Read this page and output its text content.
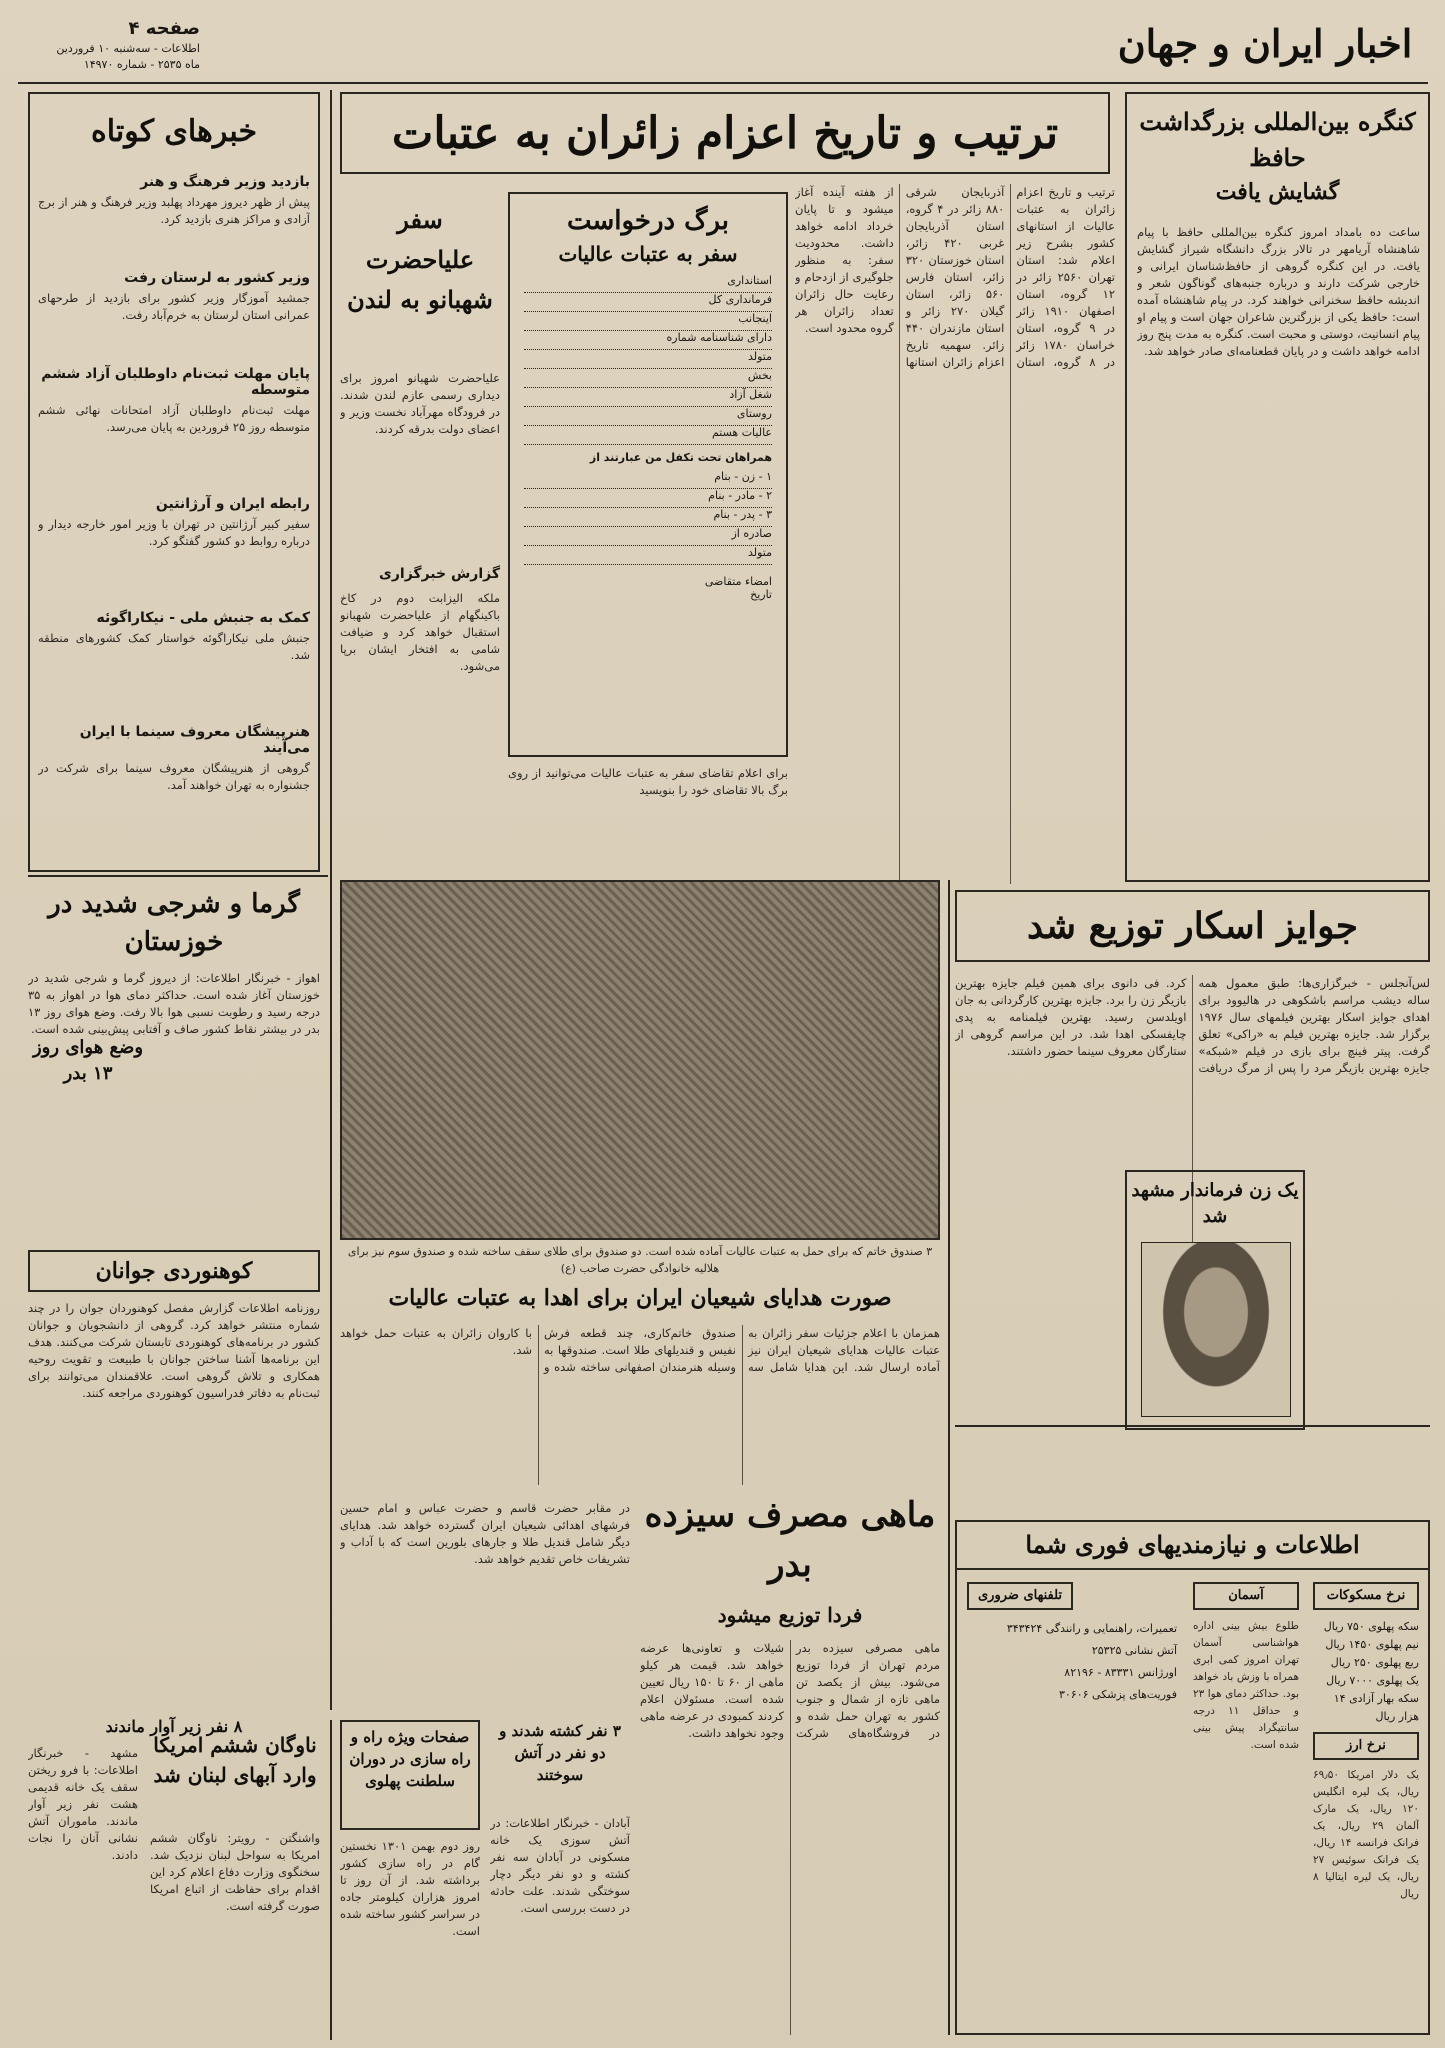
اخبار ایران و جهان
صفحه ۴
اطلاعات - سه‌شنبه ۱۰ فروردین
ماه ۲۵۳۵ - شماره ۱۴۹۷۰
ترتیب و تاریخ اعزام زائران به عتبات
خبرهای کوتاه
بازدید وزیر فرهنگ و هنر
پیش از ظهر دیروز مهرداد پهلبد وزیر فرهنگ و هنر از برج آزادی و مراکز هنری بازدید کرد.
وزیر کشور به لرستان رفت
جمشید آموزگار وزیر کشور برای بازدید از طرحهای عمرانی استان لرستان به خرم‌آباد رفت.
پایان مهلت ثبت‌نام داوطلبان آزاد ششم متوسطه
مهلت ثبت‌نام داوطلبان آزاد امتحانات نهائی ششم متوسطه روز ۲۵ فروردین به پایان می‌رسد.
رابطه ایران و آرژانتین
سفیر کبیر آرژانتین در تهران با وزیر امور خارجه دیدار و درباره روابط دو کشور گفتگو کرد.
کمک به جنبش ملی - نیکاراگوئه
جنبش ملی نیکاراگوئه خواستار کمک کشورهای منطقه شد.
هنرپیشگان معروف سینما با ایران می‌آیند
گروهی از هنرپیشگان معروف سینما برای شرکت در جشنواره به تهران خواهند آمد.
کنگره بین‌المللی بزرگداشت حافظ
گشایش یافت
ساعت ده بامداد امروز کنگره بین‌المللی حافظ با پیام شاهنشاه آریامهر در تالار بزرگ دانشگاه شیراز گشایش یافت. در این کنگره گروهی از حافظ‌شناسان ایرانی و خارجی شرکت دارند و درباره جنبه‌های گوناگون شعر و اندیشه حافظ سخنرانی خواهند کرد. در پیام شاهنشاه آمده است: حافظ یکی از بزرگترین شاعران جهان است و پیام او پیام انسانیت، دوستی و محبت است. کنگره به مدت پنج روز ادامه خواهد داشت و در پایان قطعنامه‌ای صادر خواهد شد.
ترتیب و تاریخ اعزام زائران به عتبات عالیات از استانهای کشور بشرح زیر اعلام شد: استان تهران ۲۵۶۰ زائر در ۱۲ گروه، استان اصفهان ۱۹۱۰ زائر در ۹ گروه، استان خراسان ۱۷۸۰ زائر در ۸ گروه، استان آذربایجان شرقی ۸۸۰ زائر در ۴ گروه، استان آذربایجان غربی ۴۲۰ زائر، استان خوزستان ۳۲۰ زائر، استان فارس ۵۶۰ زائر، استان گیلان ۲۷۰ زائر و استان مازندران ۴۴۰ زائر. سهمیه تاریخ اعزام زائران استانها از هفته آینده آغاز میشود و تا پایان خرداد ادامه خواهد داشت. محدودیت سفر: به منظور جلوگیری از ازدحام و رعایت حال زائران تعداد زائران هر گروه محدود است.
برگ درخواست
سفر به عتبات عالیات
استانداری
فرمانداری کل
اینجانب
دارای شناسنامه شماره
متولد
بخش
شغل آزاد
روستای
عالیات هستم
همراهان تحت تکفل من عبارتند از
۱ - زن - بنام
۲ - مادر - بنام
۳ - پدر - بنام
صادره از
متولد
امضاء متقاضی
تاریخ
سفر علیاحضرت شهبانو به لندن
علیاحضرت شهبانو امروز برای دیداری رسمی عازم لندن شدند. در فرودگاه مهرآباد نخست وزیر و اعضای دولت بدرقه کردند.
گزارش خبرگزاری
ملکه الیزابت دوم در کاخ باکینگهام از علیاحضرت شهبانو استقبال خواهد کرد و ضیافت شامی به افتخار ایشان برپا می‌شود.
برای اعلام تقاضای سفر به عتبات عالیات می‌توانید از روی برگ بالا تقاضای خود را بنویسید
۳ صندوق خاتم که برای حمل به عتبات عالیات آماده شده است. دو صندوق برای طلای سقف ساخته شده و صندوق سوم نیز برای هلالیه خانوادگی حضرت صاحب (ع)
جوایز اسکار توزیع شد
لس‌آنجلس - خبرگزاری‌ها: طبق معمول همه ساله دیشب مراسم باشکوهی در هالیوود برای اهدای جوایز اسکار بهترین فیلمهای سال ۱۹۷۶ برگزار شد. جایزه بهترین فیلم به «راکی» تعلق گرفت. پیتر فینچ برای بازی در فیلم «شبکه» جایزه بهترین بازیگر مرد را پس از مرگ دریافت کرد. فی دانوی برای همین فیلم جایزه بهترین بازیگر زن را برد. جایزه بهترین کارگردانی به جان اویلدسن رسید. بهترین فیلمنامه به پدی چایفسکی اهدا شد. در این مراسم گروهی از ستارگان معروف سینما حضور داشتند.
یک زن فرماندار مشهد شد
گرما و شرجی شدید در خوزستان
اهواز - خبرنگار اطلاعات: از دیروز گرما و شرجی شدید در خوزستان آغاز شده است. حداکثر دمای هوا در اهواز به ۳۵ درجه رسید و رطوبت نسبی هوا بالا رفت. وضع هوای روز ۱۳ بدر در بیشتر نقاط کشور صاف و آفتابی پیش‌بینی شده است.
وضع هوای روز ۱۳ بدر
کوهنوردی جوانان
روزنامه اطلاعات گزارش مفصل کوهنوردان جوان را در چند شماره منتشر خواهد کرد. گروهی از دانشجویان و جوانان کشور در برنامه‌های کوهنوردی تابستان شرکت می‌کنند. هدف این برنامه‌ها آشنا ساختن جوانان با طبیعت و تقویت روحیه همکاری و تلاش گروهی است. علاقمندان می‌توانند برای ثبت‌نام به دفاتر فدراسیون کوهنوردی مراجعه کنند.
صورت هدایای شیعیان ایران برای اهدا به عتبات عالیات
همزمان با اعلام جزئیات سفر زائران به عتبات عالیات هدایای شیعیان ایران نیز آماده ارسال شد. این هدایا شامل سه صندوق خاتم‌کاری، چند قطعه فرش نفیس و قندیلهای طلا است. صندوقها به وسیله هنرمندان اصفهانی ساخته شده و با کاروان زائران به عتبات حمل خواهد شد.
ماهی مصرف سیزده بدر
فردا توزیع میشود
در مقابر حضرت قاسم و حضرت عباس و امام حسین فرشهای اهدائی شیعیان ایران گسترده خواهد شد. هدایای دیگر شامل قندیل طلا و جارهای بلورین است که با آداب و تشریفات خاص تقدیم خواهد شد.
صفحات ویژه راه و راه سازی در دوران سلطنت پهلوی
روز دوم بهمن ۱۳۰۱ نخستین گام در راه سازی کشور برداشته شد. از آن روز تا امروز هزاران کیلومتر جاده در سراسر کشور ساخته شده است.
۳ نفر کشته شدند و دو نفر در آتش سوختند
آبادان - خبرنگار اطلاعات: در آتش سوزی یک خانه مسکونی در آبادان سه نفر کشته و دو نفر دیگر دچار سوختگی شدند. علت حادثه در دست بررسی است.
ماهی مصرفی سیزده بدر مردم تهران از فردا توزیع می‌شود. بیش از یکصد تن ماهی تازه از شمال و جنوب کشور به تهران حمل شده و در فروشگاه‌های شرکت شیلات و تعاونی‌ها عرضه خواهد شد. قیمت هر کیلو ماهی از ۶۰ تا ۱۵۰ ریال تعیین شده است. مسئولان اعلام کردند کمبودی در عرضه ماهی وجود نخواهد داشت.
۸ نفر زیر آوار ماندند
مشهد - خبرنگار اطلاعات: با فرو ریختن سقف یک خانه قدیمی هشت نفر زیر آوار ماندند. ماموران آتش نشانی آنان را نجات دادند.
ناوگان ششم امریکا وارد آبهای لبنان شد
واشنگتن - رویتر: ناوگان ششم امریکا به سواحل لبنان نزدیک شد. سخنگوی وزارت دفاع اعلام کرد این اقدام برای حفاظت از اتباع امریکا صورت گرفته است.
اطلاعات و نیازمندیهای فوری شما
نرخ مسکوکات
آسمان
تلفنهای ضروری
سکه پهلوی ۷۵۰ ریال
نیم پهلوی ۱۴۵۰ ریال
ربع پهلوی ۲۵۰ ریال
یک پهلوی ۷۰۰۰ ریال
سکه بهار آزادی ۱۴ هزار ریال
نرخ ارز
یک دلار امریکا ۶۹٫۵۰ ریال، یک لیره انگلیس ۱۲۰ ریال، یک مارک آلمان ۲۹ ریال، یک فرانک فرانسه ۱۴ ریال، یک فرانک سوئیس ۲۷ ریال، یک لیره ایتالیا ۸ ریال
طلوع بیش بینی اداره هواشناسی آسمان تهران امروز کمی ابری همراه با وزش باد خواهد بود. حداکثر دمای هوا ۲۳ و حداقل ۱۱ درجه سانتیگراد پیش بینی شده است.
تعمیرات، راهنمایی و رانندگی ۳۴۳۴۲۴
آتش نشانی ۲۵۳۲۵
اورژانس ۸۳۳۳۱ - ۸۲۱۹۶
فوریت‌های پزشکی ۳۰۶۰۶
